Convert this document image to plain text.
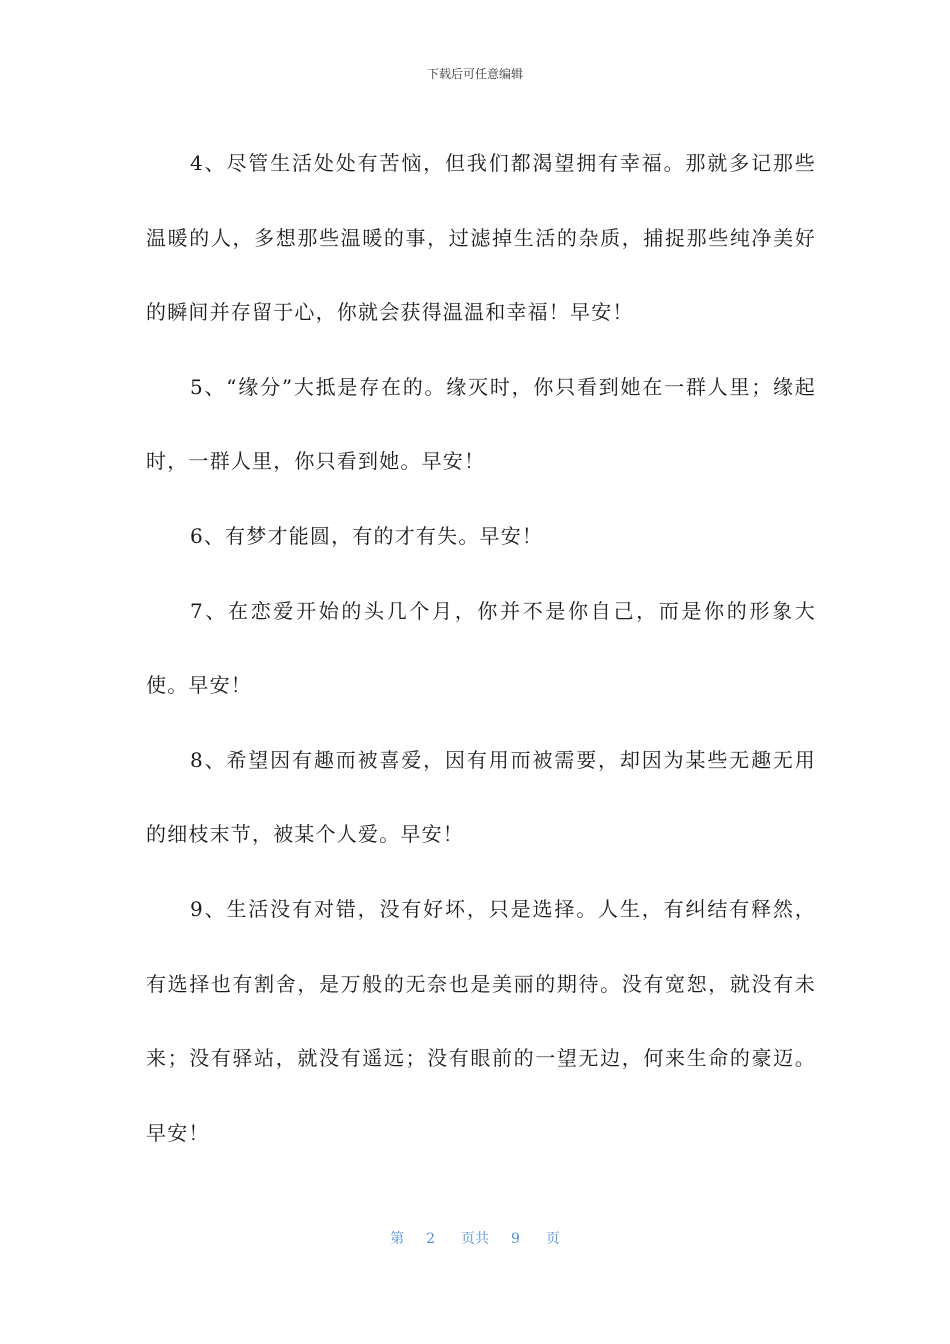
下载后可任意编辑

4、尽管生活处处有苦恼，但我们都渴望拥有幸福。那就多记那些温暖的人，多想那些温暖的事，过滤掉生活的杂质，捕捉那些纯净美好的瞬间并存留于心，你就会获得温温和幸福！早安！

5、“缘分”大抵是存在的。缘灭时，你只看到她在一群人里；缘起时，一群人里，你只看到她。早安！

6、有梦才能圆，有的才有失。早安！

7、在恋爱开始的头几个月，你并不是你自己，而是你的形象大使。早安！

8、希望因有趣而被喜爱，因有用而被需要，却因为某些无趣无用的细枝末节，被某个人爱。早安！

9、生活没有对错，没有好坏，只是选择。人生，有纠结有释然，有选择也有割舍，是万般的无奈也是美丽的期待。没有宽恕，就没有未来；没有驿站，就没有遥远；没有眼前的一望无边，何来生命的豪迈。早安！

第 2 页共 9 页
